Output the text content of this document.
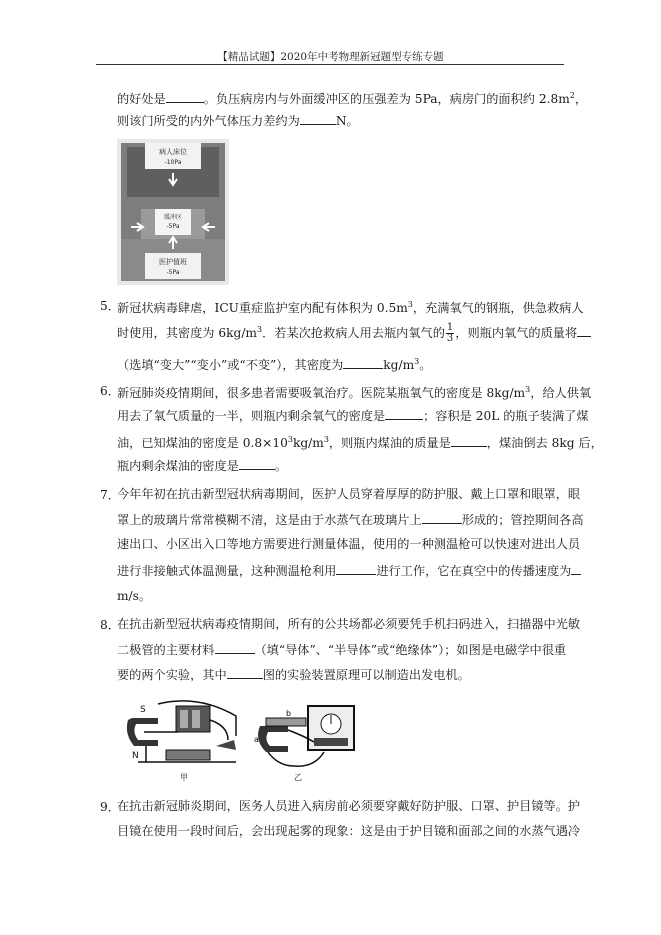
【精品试题】2020年中考物理新冠题型专练专题
的好处是	。负压病房内与外面缓冲区的压强差为 5Pa，病房门的面积约 $2.8m^2$，
则该门所受的内外气体压力差约为	N。
病人床位
-10Pa
缓冲区
-5Pa
医护值班
-5Pa
5．
新冠状病毒肆虐，ICU重症监护室内配有体积为 $0.5m^3$，充满氧气的钢瓶，供急救病人
时使用，其密度为 $6kg/m^3$．若某次抢救病人用去瓶内氧气的 $\frac{1}{3}$ ，则瓶内氧气的质量将
（选填“变大”“变小”或“不变”），其密度为	$kg/m^3$。
6．
新冠肺炎疫情期间，很多患者需要吸氧治疗。医院某瓶氧气的密度是 $8kg/m^3$，给人供氧
用去了氧气质量的一半，则瓶内剩余氧气的密度是	；容积是 20L 的瓶子装满了煤
油，已知煤油的密度是 $0.8\times 10^3kg/m^3$，则瓶内煤油的质量是	，煤油倒去 8kg 后，
瓶内剩余煤油的密度是	。
7．
今年年初在抗击新型冠状病毒期间，医护人员穿着厚厚的防护服、戴上口罩和眼罩，眼
罩上的玻璃片常常模糊不清，这是由于水蒸气在玻璃片上	形成的；管控期间各高
速出口、小区出入口等地方需要进行测量体温，使用的一种测温枪可以快速对进出人员
进行非接触式体温测量，这种测温枪利用	进行工作，它在真空中的传播速度为
m/s。
8．
在抗击新型冠状病毒疫情期间，所有的公共场都必须要凭手机扫码进入，扫描器中光敏
二极管的主要材料	（填“导体”、“半导体”或“绝缘体”）；如图是电磁学中很重
要的两个实验，其中	图的实验装置原理可以制造出发电机。
S
N
甲
b
a
乙
9．
在抗击新冠肺炎期间，医务人员进入病房前必须要穿戴好防护服、口罩、护目镜等。护
目镜在使用一段时间后，会出现起雾的现象：这是由于护目镜和面部之间的水蒸气遇冷
